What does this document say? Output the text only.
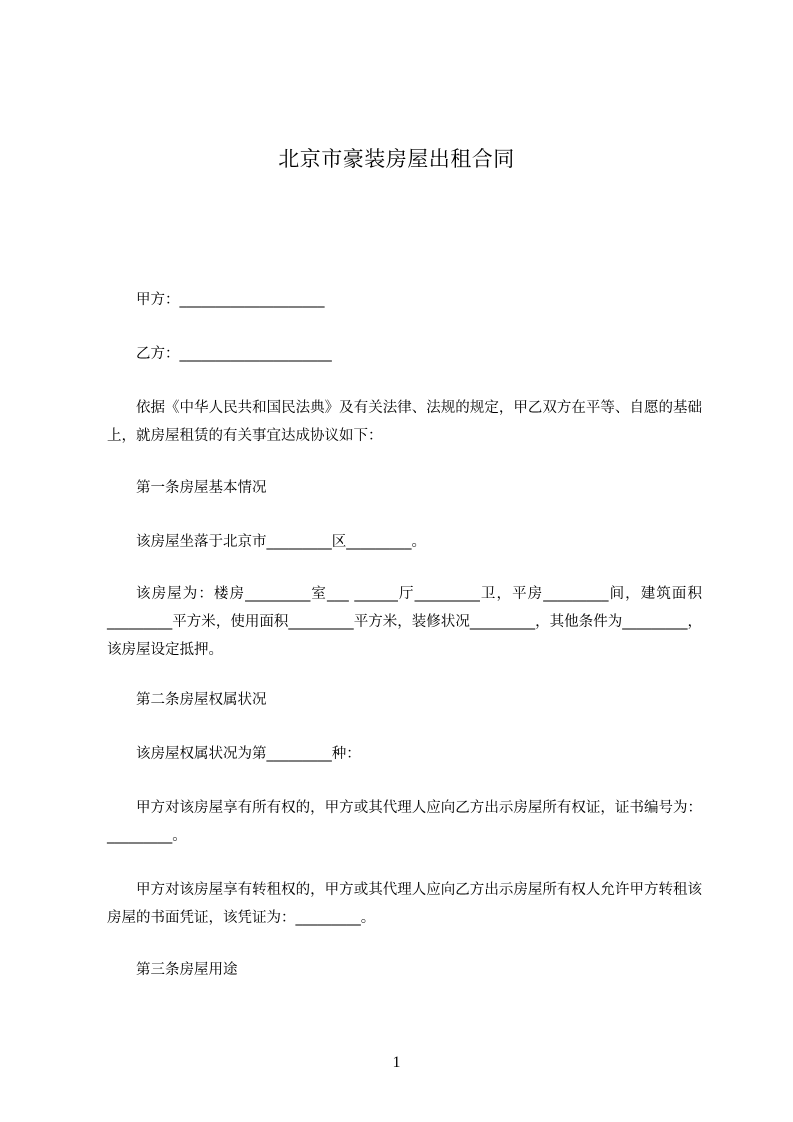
北京市豪装房屋出租合同
甲方：____________________
乙方：_____________________
依据《中华人民共和国民法典》及有关法律、法规的规定，甲乙双方在平等、自愿的基础上，就房屋租赁的有关事宜达成协议如下：
第一条房屋基本情况
该房屋坐落于北京市_________区_________。
该房屋为：楼房_________室___ ______厅_________卫，平房_________间，建筑面积_________平方米，使用面积_________平方米，装修状况_________，其他条件为_________，该房屋设定抵押。
第二条房屋权属状况
该房屋权属状况为第_________种：
甲方对该房屋享有所有权的，甲方或其代理人应向乙方出示房屋所有权证，证书编号为：_________。
甲方对该房屋享有转租权的，甲方或其代理人应向乙方出示房屋所有权人允许甲方转租该房屋的书面凭证，该凭证为：_________。
第三条房屋用途
1
